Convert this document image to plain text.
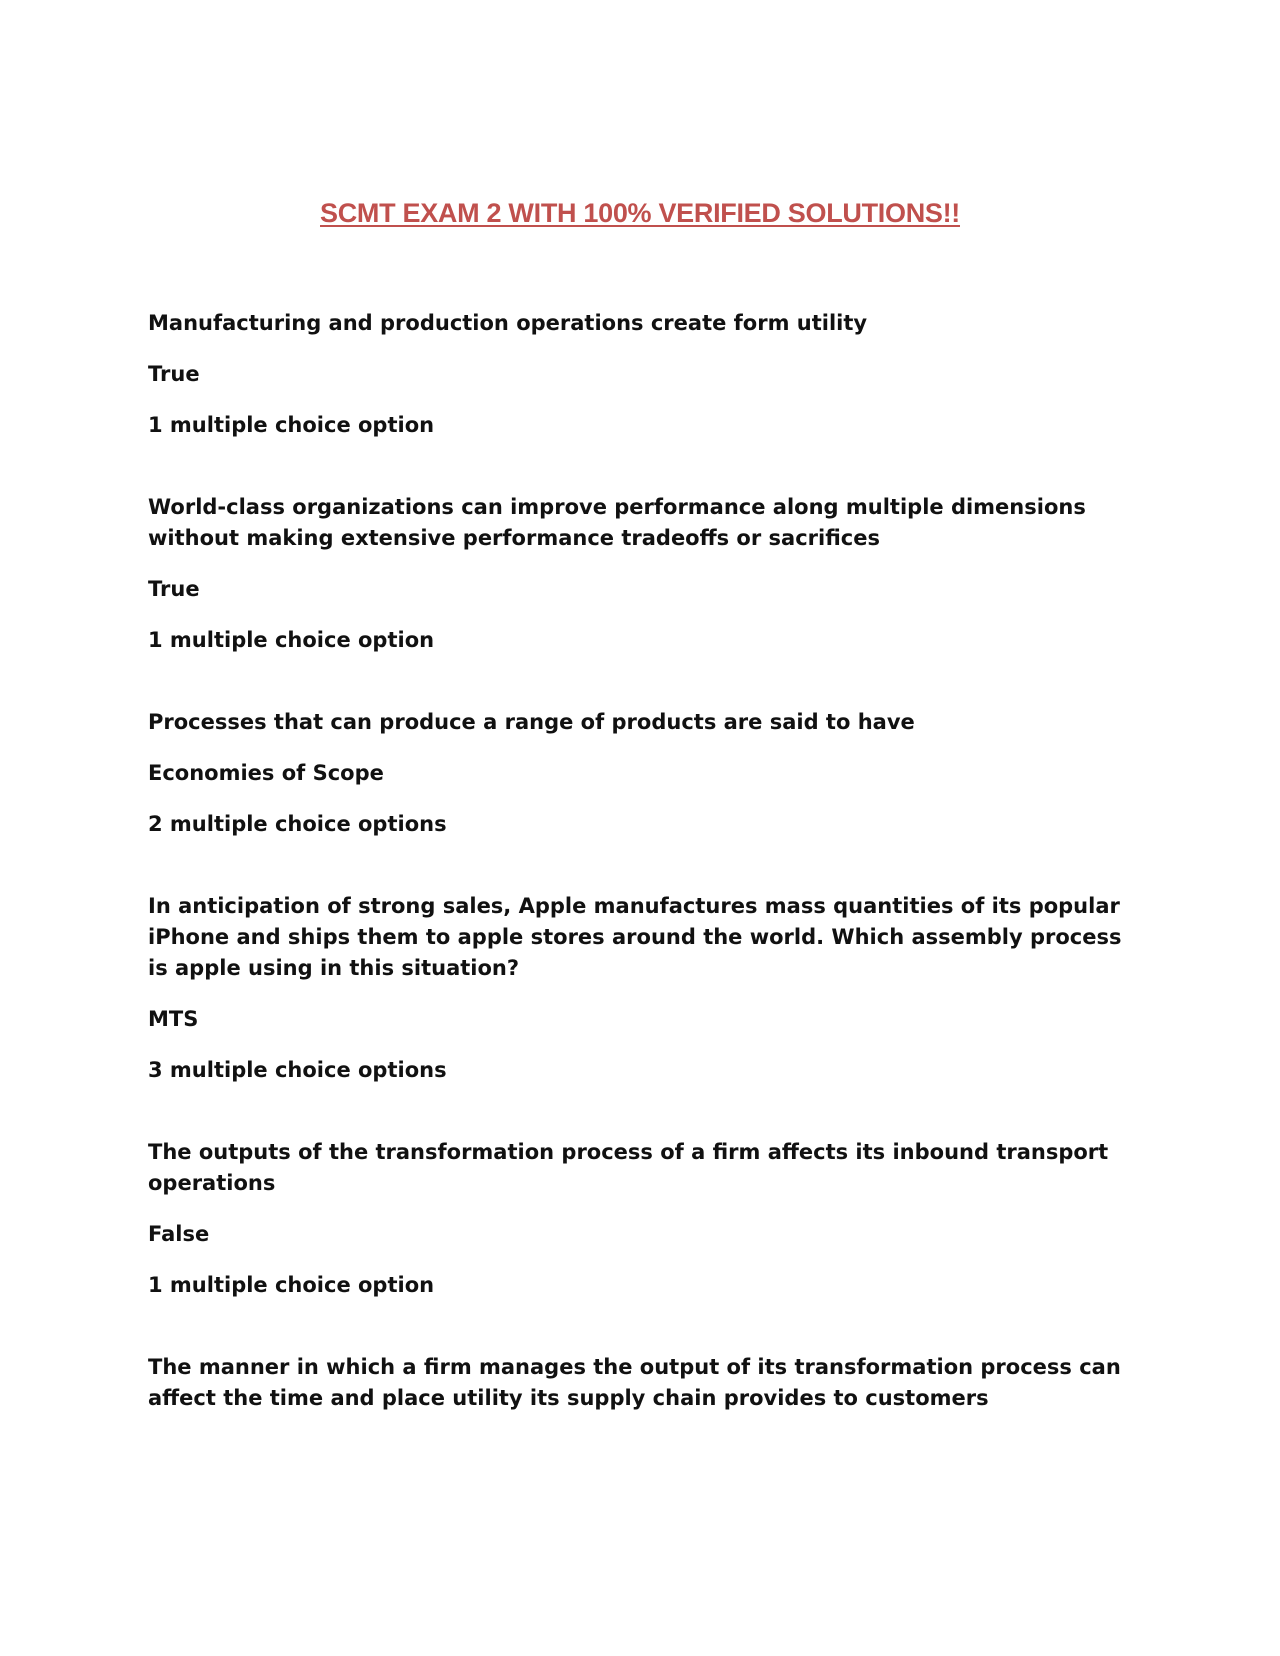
SCMT EXAM 2 WITH 100% VERIFIED SOLUTIONS!!

Manufacturing and production operations create form utility

True

1 multiple choice option

World-class organizations can improve performance along multiple dimensions without making extensive performance tradeoffs or sacrifices

True

1 multiple choice option

Processes that can produce a range of products are said to have

Economies of Scope

2 multiple choice options

In anticipation of strong sales, Apple manufactures mass quantities of its popular iPhone and ships them to apple stores around the world. Which assembly process is apple using in this situation?

MTS

3 multiple choice options

The outputs of the transformation process of a firm affects its inbound transport operations

False

1 multiple choice option

The manner in which a firm manages the output of its transformation process can affect the time and place utility its supply chain provides to customers
